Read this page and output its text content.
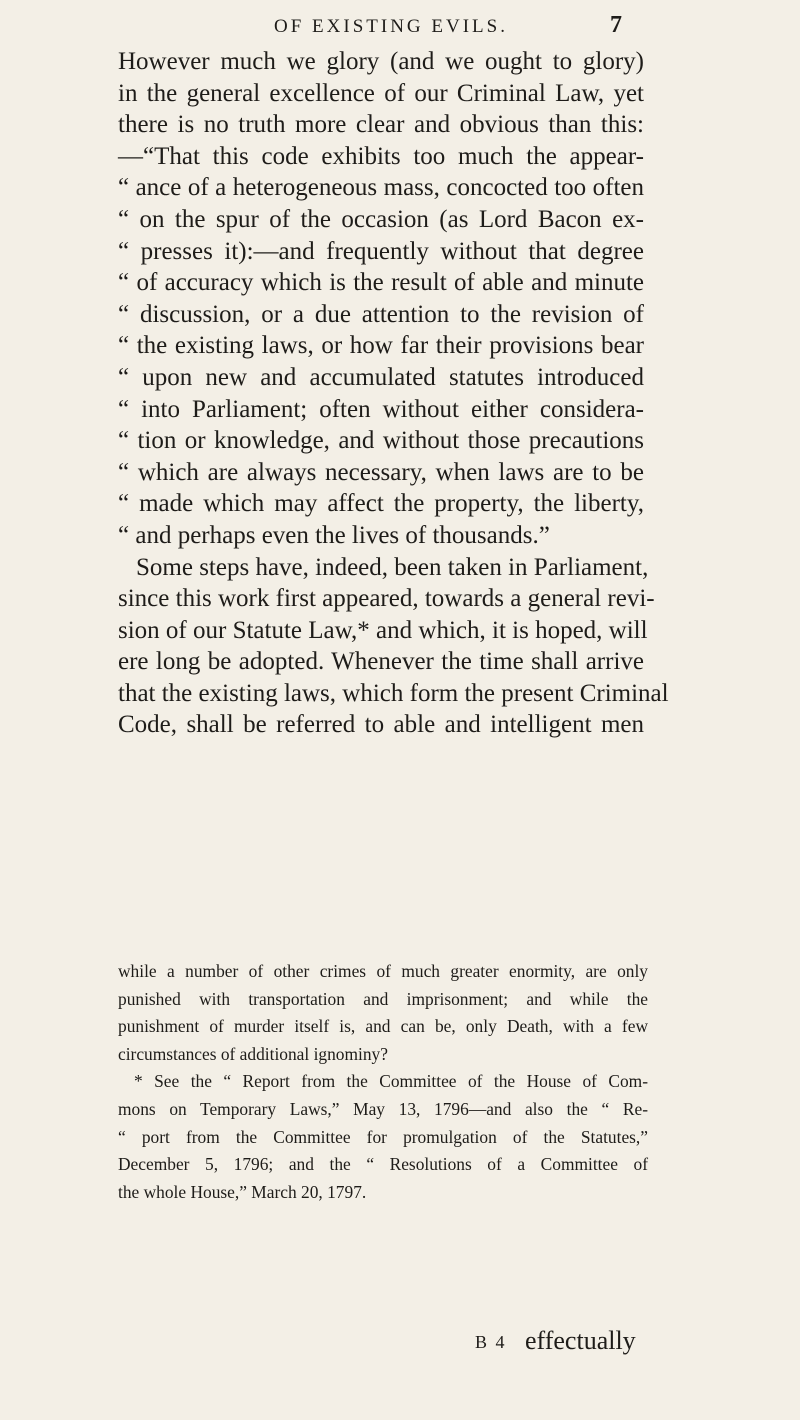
OF EXISTING EVILS.	7
However much we glory (and we ought to glory)
in the general excellence of our Criminal Law, yet
there is no truth more clear and obvious than this:
—“That this code exhibits too much the appear-
“ ance of a heterogeneous mass, concocted too often
“ on the spur of the occasion (as Lord Bacon ex-
“ presses it):—and frequently without that degree
“ of accuracy which is the result of able and minute
“ discussion, or a due attention to the revision of
“ the existing laws, or how far their provisions bear
“ upon new and accumulated statutes introduced
“ into Parliament; often without either considera-
“ tion or knowledge, and without those precautions
“ which are always necessary, when laws are to be
“ made which may affect the property, the liberty,
“ and perhaps even the lives of thousands.”
Some steps have, indeed, been taken in Parliament,
since this work first appeared, towards a general revi-
sion of our Statute Law,* and which, it is hoped, will
ere long be adopted. Whenever the time shall arrive
that the existing laws, which form the present Criminal
Code, shall be referred to able and intelligent men
while a number of other crimes of much greater enormity, are only
punished with transportation and imprisonment; and while the
punishment of murder itself is, and can be, only Death, with a few
circumstances of additional ignominy?
* See the “ Report from the Committee of the House of Com-
mons on Temporary Laws,” May 13, 1796—and also the “ Re-
“ port from the Committee for promulgation of the Statutes,”
December 5, 1796; and the “ Resolutions of a Committee of
the whole House,” March 20, 1797.
B 4 effectually
